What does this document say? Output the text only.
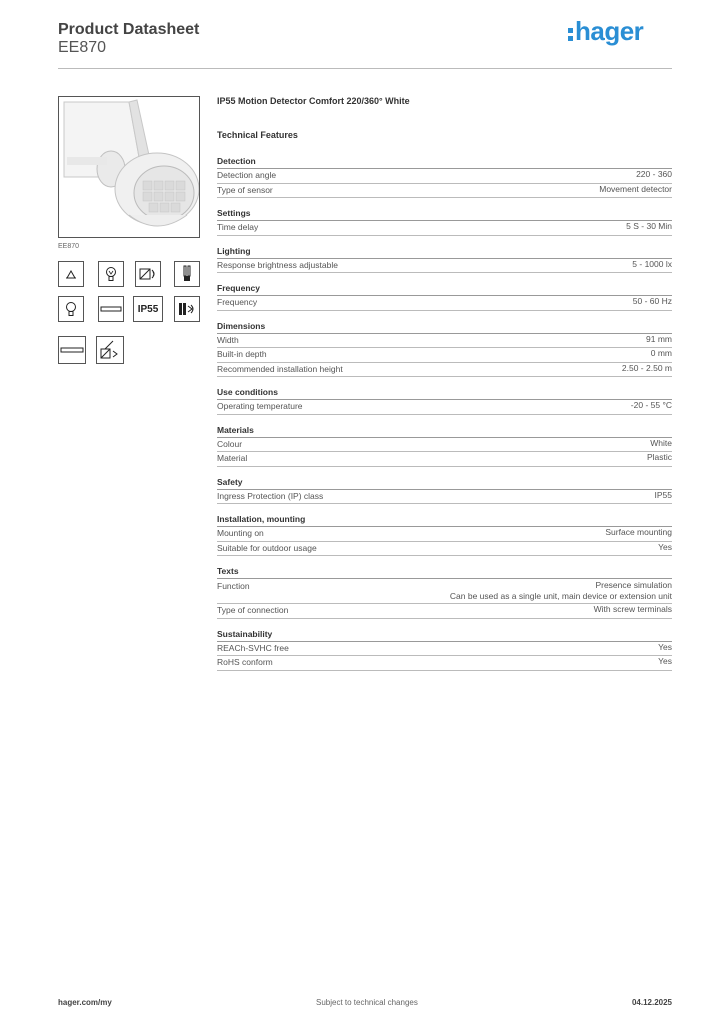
Product Datasheet
EE870
hager
EE870
IP55
IP55 Motion Detector Comfort 220/360° White
Technical Features
Detection
Detection angle	220 - 360
Type of sensor	Movement detector
Settings
Time delay	5 S - 30 Min
Lighting
Response brightness adjustable	5 - 1000 lx
Frequency
Frequency	50 - 60 Hz
Dimensions
Width	91 mm
Built-in depth	0 mm
Recommended installation height	2.50 - 2.50 m
Use conditions
Operating temperature	-20 - 55 °C
Materials
Colour	White
Material	Plastic
Safety
Ingress Protection (IP) class	IP55
Installation, mounting
Mounting on	Surface mounting
Suitable for outdoor usage	Yes
Texts
Function	Presence simulation
Can be used as a single unit, main device or extension unit
Type of connection	With screw terminals
Sustainability
REACh-SVHC free	Yes
RoHS conform	Yes
hager.com/my	Subject to technical changes	04.12.2025
